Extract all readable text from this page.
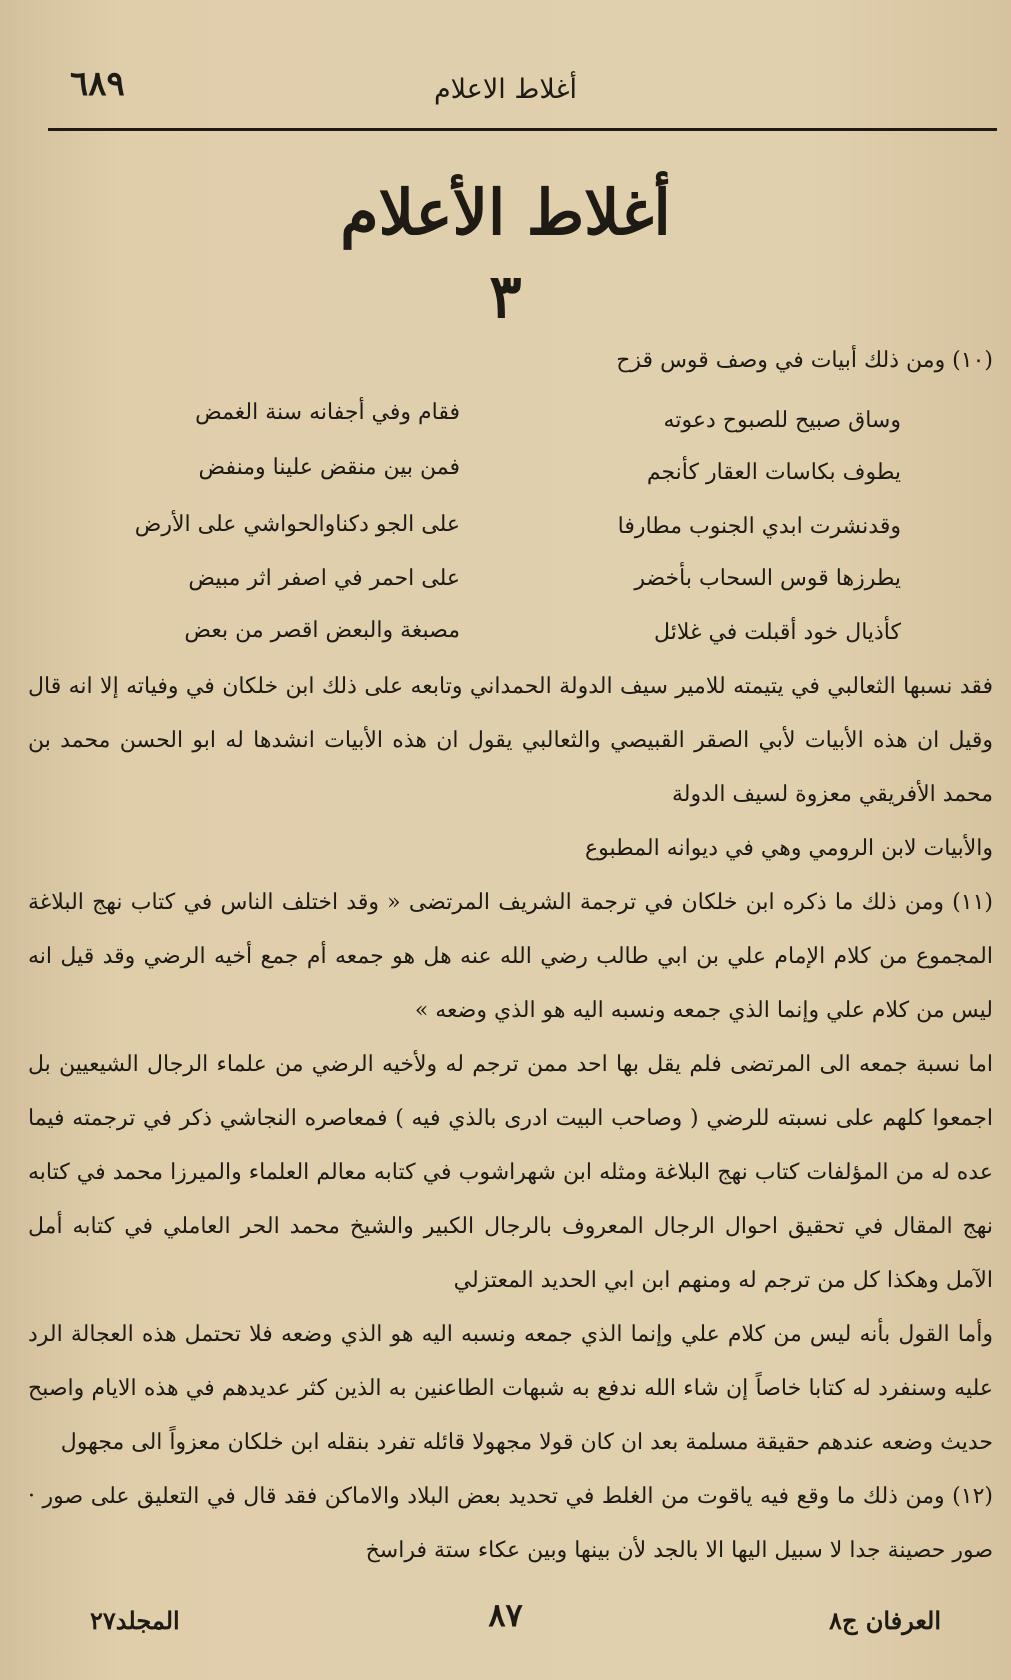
٦٨٩	أغلاط الاعلام
أغلاط الأعلام
٣
(١٠) ومن ذلك أبيات في وصف قوس قزح
وساق صبيح للصبوح دعوته
فقام وفي أجفانه سنة الغمض
يطوف بكاسات العقار كأنجم
فمن بين منقض علينا ومنفض
وقدنشرت ابدي الجنوب مطارفا
على الجو دكناوالحواشي على الأرض
يطرزها قوس السحاب بأخضر
على احمر في اصفر اثر مبيض
كأذيال خود أقبلت في غلائل
مصبغة والبعض اقصر من بعض
فقد نسبها الثعالبي في يتيمته للامير سيف الدولة الحمداني وتابعه على ذلك ابن خلكان في وفياته إلا انه قال وقيل ان هذه الأبيات لأبي الصقر القبيصي والثعالبي يقول ان هذه الأبيات انشدها له ابو الحسن محمد بن محمد الأفريقي معزوة لسيف الدولة
والأبيات لابن الرومي وهي في ديوانه المطبوع
(١١) ومن ذلك ما ذكره ابن خلكان في ترجمة الشريف المرتضى « وقد اختلف الناس في كتاب نهج البلاغة المجموع من كلام الإمام علي بن ابي طالب رضي الله عنه هل هو جمعه أم جمع أخيه الرضي وقد قيل انه ليس من كلام علي وإنما الذي جمعه ونسبه اليه هو الذي وضعه »
اما نسبة جمعه الى المرتضى فلم يقل بها احد ممن ترجم له ولأخيه الرضي من علماء الرجال الشيعيين بل اجمعوا كلهم على نسبته للرضي ( وصاحب البيت ادرى بالذي فيه ) فمعاصره النجاشي ذكر في ترجمته فيما عده له من المؤلفات كتاب نهج البلاغة ومثله ابن شهراشوب في كتابه معالم العلماء والميرزا محمد في كتابه نهج المقال في تحقيق احوال الرجال المعروف بالرجال الكبير والشيخ محمد الحر العاملي في كتابه أمل الآمل وهكذا كل من ترجم له ومنهم ابن ابي الحديد المعتزلي
وأما القول بأنه ليس من كلام علي وإنما الذي جمعه ونسبه اليه هو الذي وضعه فلا تحتمل هذه العجالة الرد عليه وسنفرد له كتابا خاصاً إن شاء الله ندفع به شبهات الطاعنين به الذين كثر عديدهم في هذه الايام واصبح حديث وضعه عندهم حقيقة مسلمة بعد ان كان قولا مجهولا قائله تفرد بنقله ابن خلكان معزواً الى مجهول
(١٢) ومن ذلك ما وقع فيه ياقوت من الغلط في تحديد بعض البلاد والاماكن فقد قال في التعليق على صور · صور حصينة جدا لا سبيل اليها الا بالجد لأن بينها وبين عكاء ستة فراسخ
العرفان ج٨
٨٧
المجلد٢٧
